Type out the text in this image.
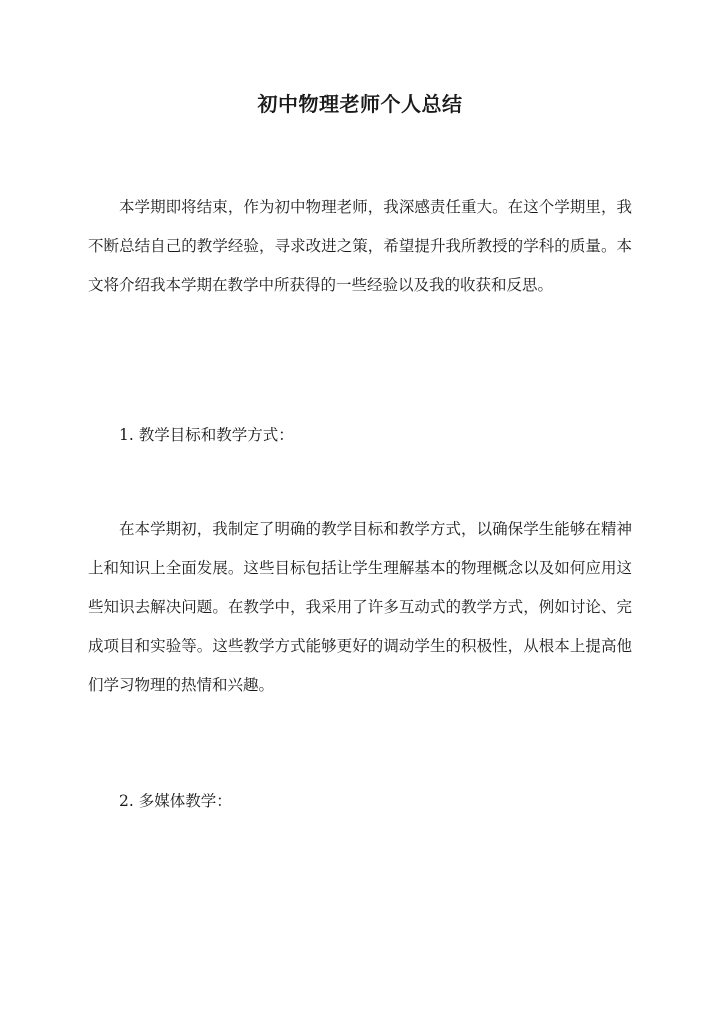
初中物理老师个人总结

本学期即将结束，作为初中物理老师，我深感责任重大。在这个学期里，我不断总结自己的教学经验，寻求改进之策，希望提升我所教授的学科的质量。本文将介绍我本学期在教学中所获得的一些经验以及我的收获和反思。

1. 教学目标和教学方式：

在本学期初，我制定了明确的教学目标和教学方式，以确保学生能够在精神上和知识上全面发展。这些目标包括让学生理解基本的物理概念以及如何应用这些知识去解决问题。在教学中，我采用了许多互动式的教学方式，例如讨论、完成项目和实验等。这些教学方式能够更好的调动学生的积极性，从根本上提高他们学习物理的热情和兴趣。

2. 多媒体教学：
